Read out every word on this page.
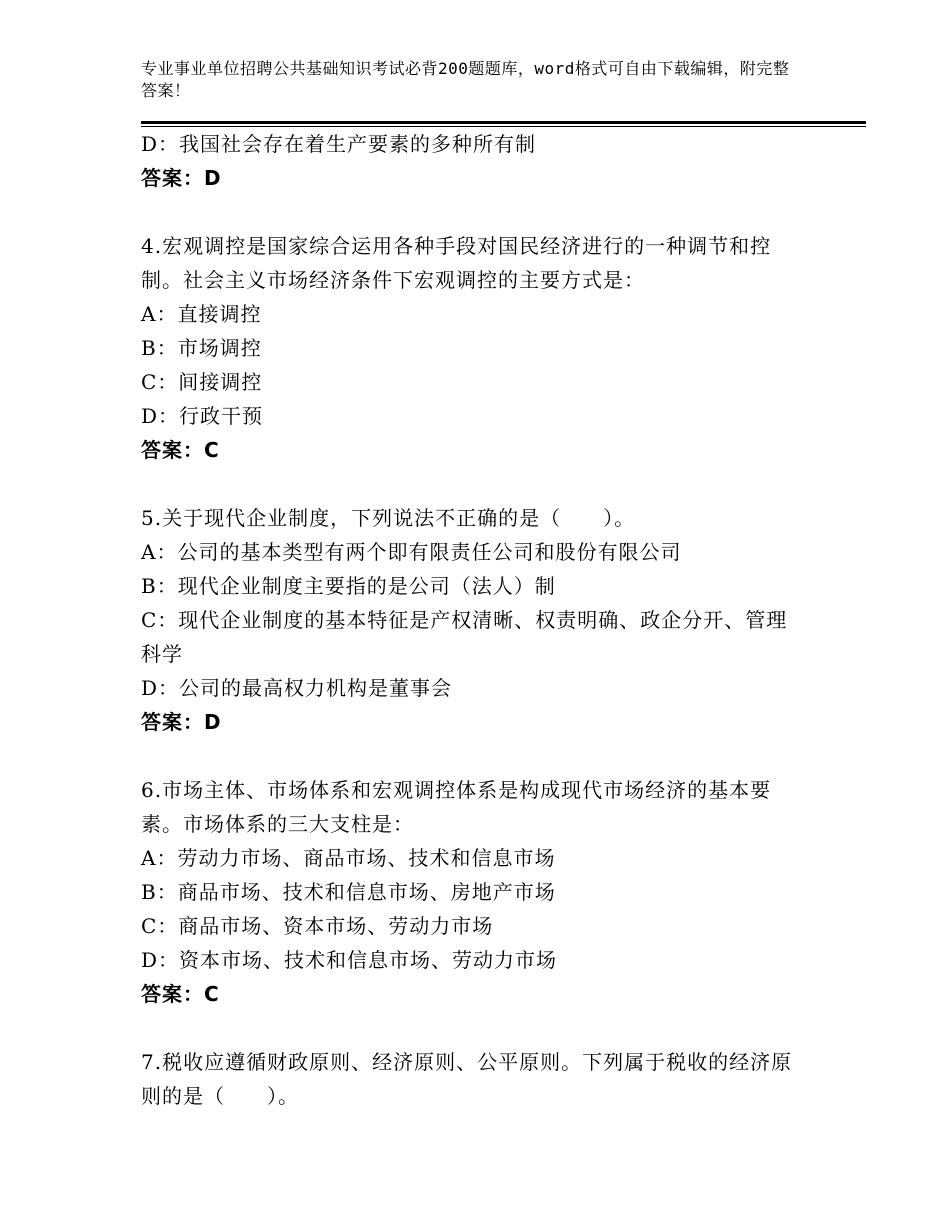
专业事业单位招聘公共基础知识考试必背200题题库，word格式可自由下载编辑，附完整答案！
D：我国社会存在着生产要素的多种所有制
答案：D
4.宏观调控是国家综合运用各种手段对国民经济进行的一种调节和控制。社会主义市场经济条件下宏观调控的主要方式是：
A：直接调控
B：市场调控
C：间接调控
D：行政干预
答案：C
5.关于现代企业制度，下列说法不正确的是（　　）。
A：公司的基本类型有两个即有限责任公司和股份有限公司
B：现代企业制度主要指的是公司（法人）制
C：现代企业制度的基本特征是产权清晰、权责明确、政企分开、管理科学
D：公司的最高权力机构是董事会
答案：D
6.市场主体、市场体系和宏观调控体系是构成现代市场经济的基本要素。市场体系的三大支柱是：
A：劳动力市场、商品市场、技术和信息市场
B：商品市场、技术和信息市场、房地产市场
C：商品市场、资本市场、劳动力市场
D：资本市场、技术和信息市场、劳动力市场
答案：C
7.税收应遵循财政原则、经济原则、公平原则。下列属于税收的经济原则的是（　　）。
